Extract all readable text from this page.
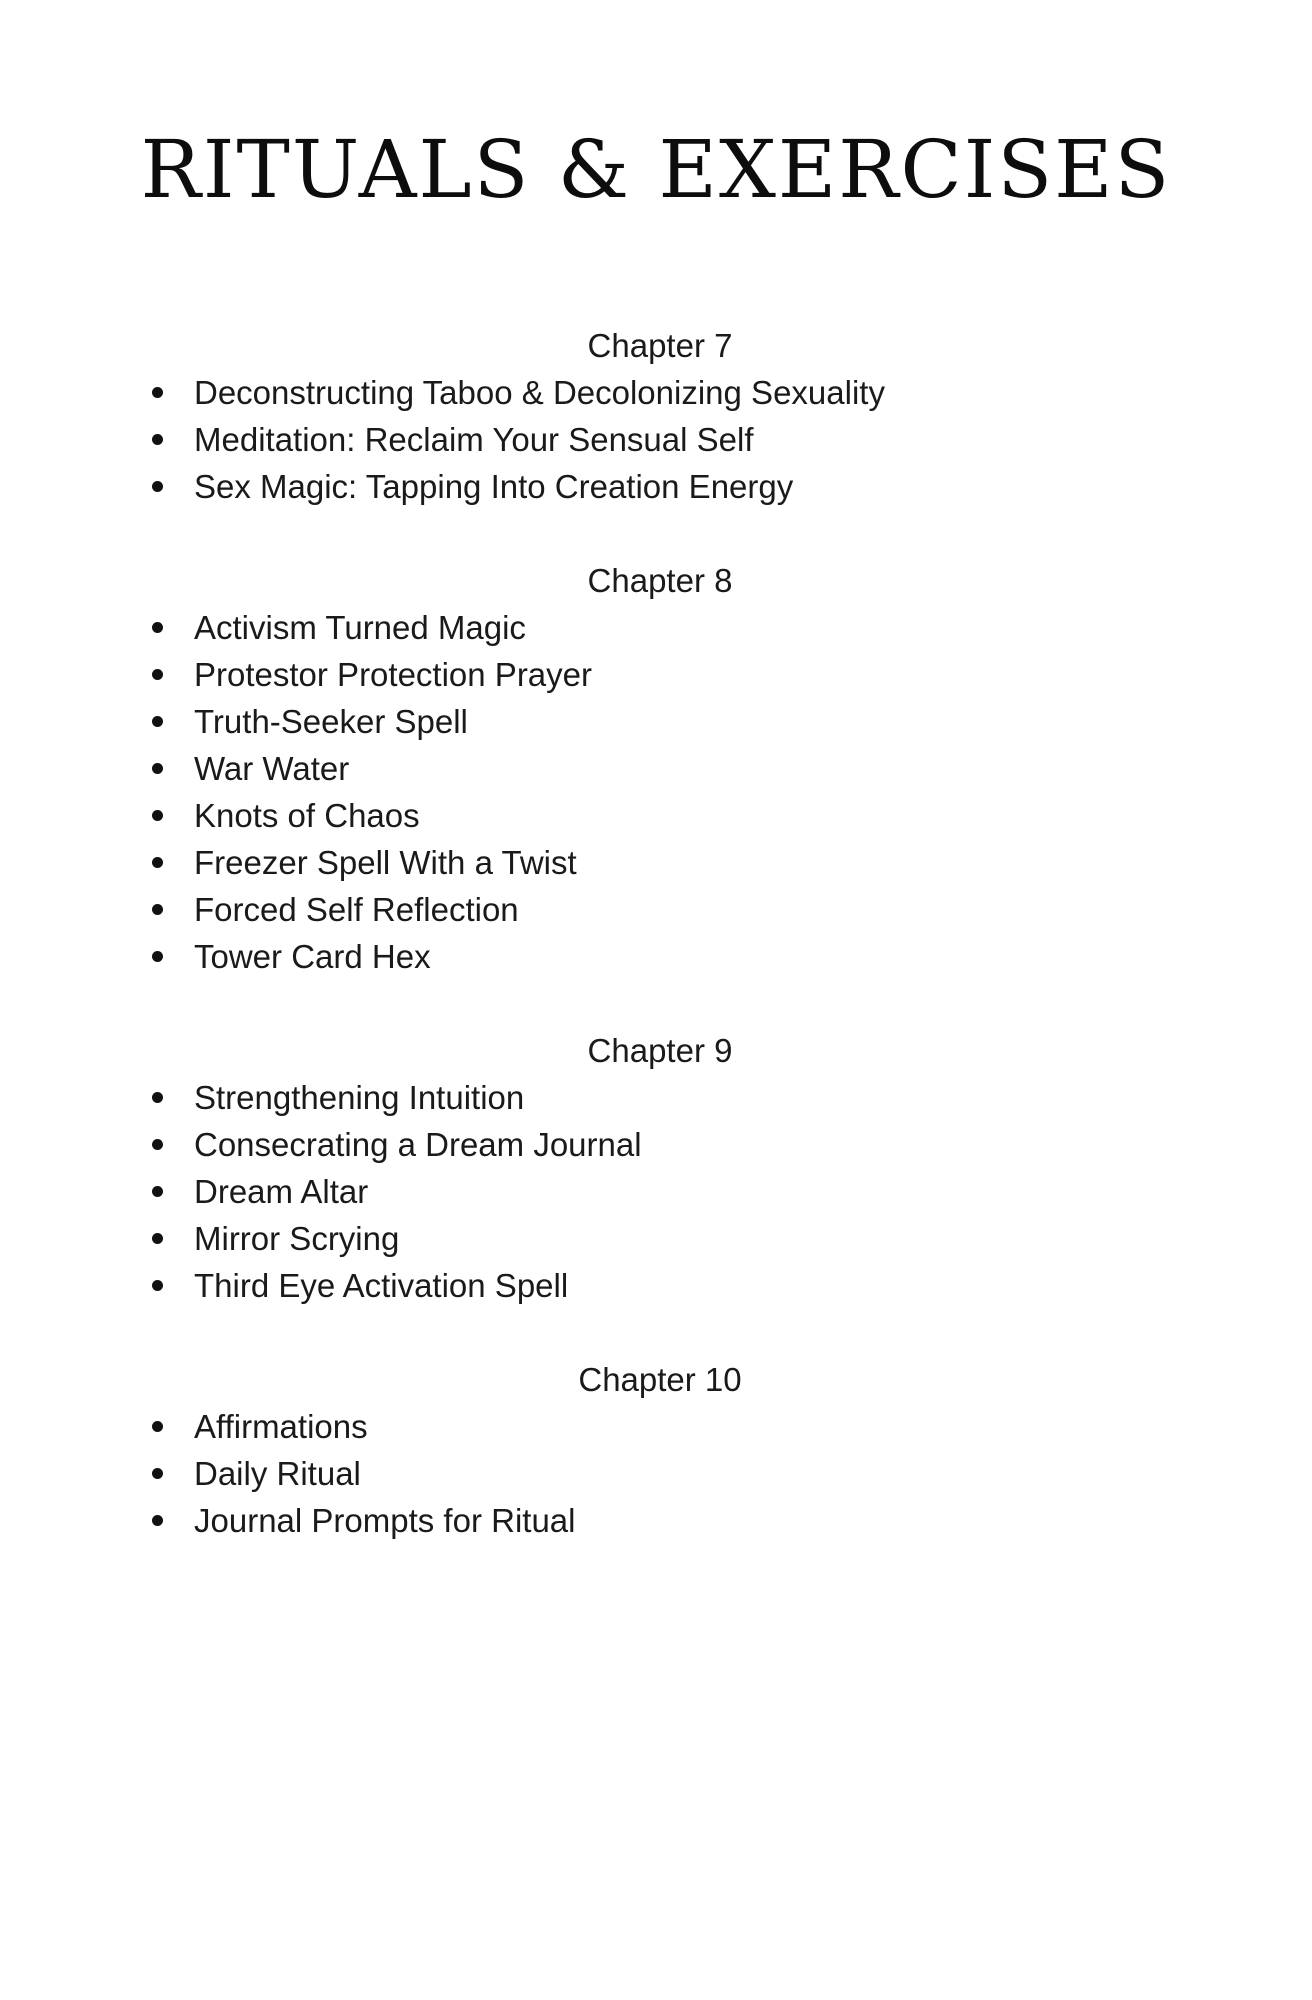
RITUALS & EXERCISES
Chapter 7
Deconstructing Taboo & Decolonizing Sexuality
Meditation: Reclaim Your Sensual Self
Sex Magic: Tapping Into Creation Energy
Chapter 8
Activism Turned Magic
Protestor Protection Prayer
Truth-Seeker Spell
War Water
Knots of Chaos
Freezer Spell With a Twist
Forced Self Reflection
Tower Card Hex
Chapter 9
Strengthening Intuition
Consecrating a Dream Journal
Dream Altar
Mirror Scrying
Third Eye Activation Spell
Chapter 10
Affirmations
Daily Ritual
Journal Prompts for Ritual
